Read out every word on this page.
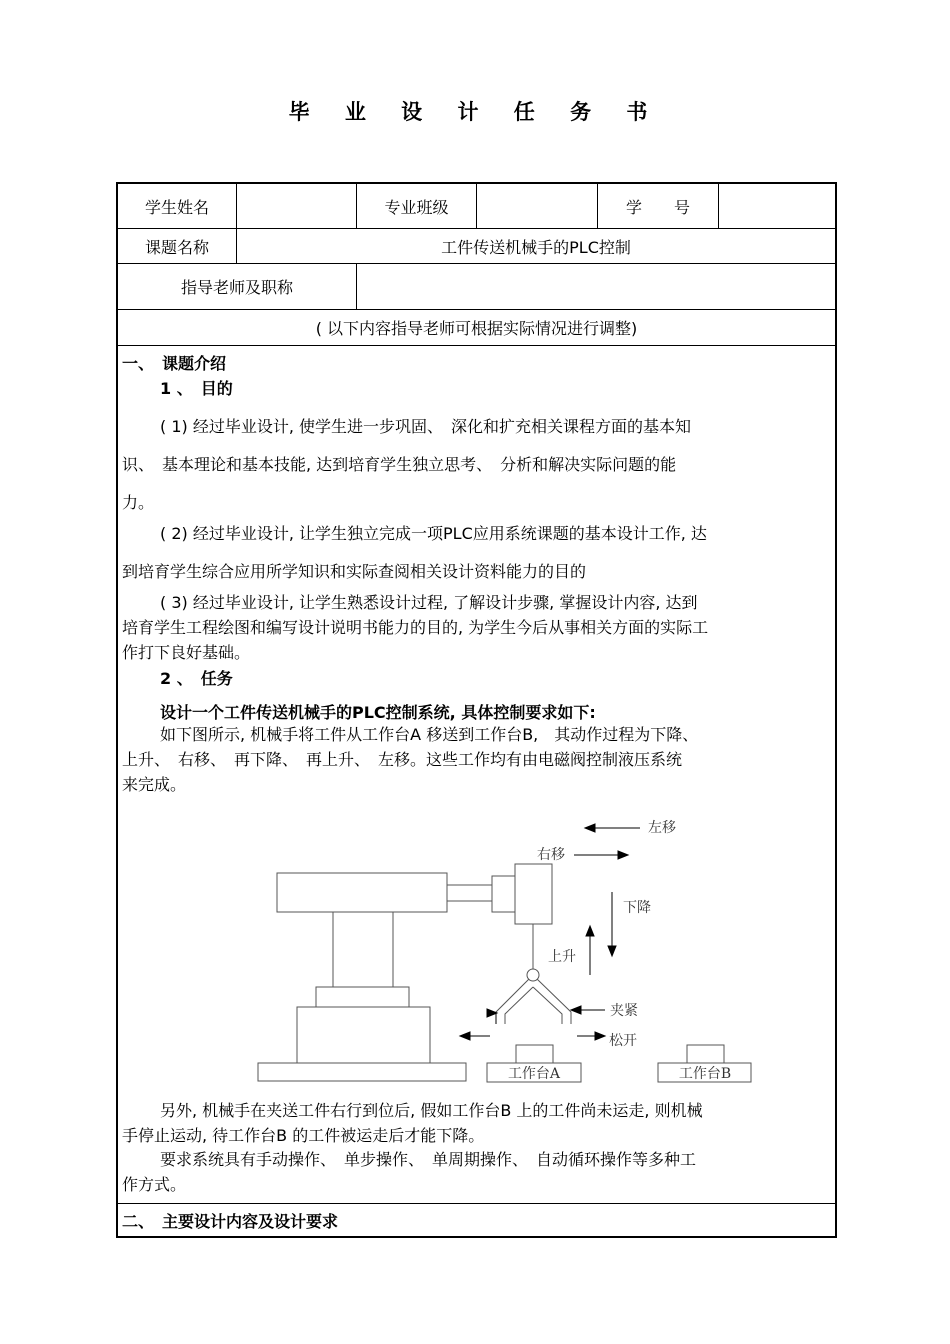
毕 业 设 计 任 务 书
学生姓名	专业班级	学　　号
课题名称	工件传送机械手的PLC控制
指导老师及职称
( 以下内容指导老师可根据实际情况进行调整)
一、　课题介绍
1 、　目的
( 1) 经过毕业设计, 使学生进一步巩固、　深化和扩充相关课程方面的基本知
识、　基本理论和基本技能, 达到培育学生独立思考、　分析和解决实际问题的能
力。
( 2) 经过毕业设计, 让学生独立完成一项PLC应用系统课题的基本设计工作, 达
到培育学生综合应用所学知识和实际查阅相关设计资料能力的目的
( 3) 经过毕业设计, 让学生熟悉设计过程, 了解设计步骤, 掌握设计内容, 达到
培育学生工程绘图和编写设计说明书能力的目的, 为学生今后从事相关方面的实际工
作打下良好基础。
2 、　任务
设计一个工件传送机械手的PLC控制系统, 具体控制要求如下:
如下图所示, 机械手将工件从工作台A 移送到工作台B,　其动作过程为下降、
上升、　右移、　再下降、　再上升、　左移。这些工作均有由电磁阀控制液压系统
来完成。
左移
右移
下降
上升
夹紧
松开
工作台A	工作台B
另外, 机械手在夹送工件右行到位后, 假如工作台B 上的工件尚未运走, 则机械
手停止运动, 待工作台B 的工件被运走后才能下降。
要求系统具有手动操作、　单步操作、　单周期操作、　自动循环操作等多种工
作方式。
二、　主要设计内容及设计要求
